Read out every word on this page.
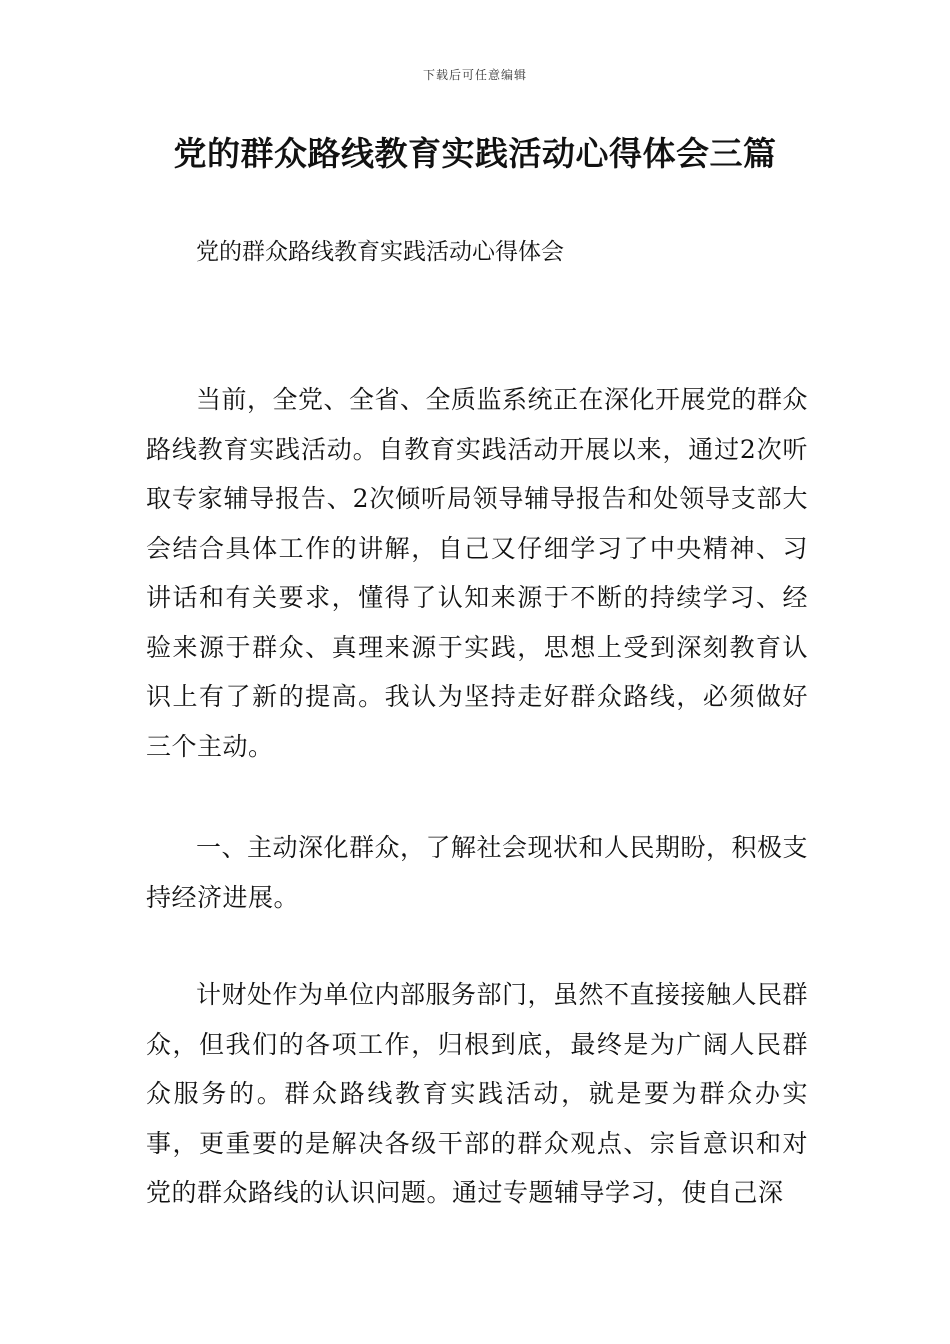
下载后可任意编辑
党的群众路线教育实践活动心得体会三篇
党的群众路线教育实践活动心得体会

当前，全党、全省、全质监系统正在深化开展党的群众路线教育实践活动。自教育实践活动开展以来，通过2次听取专家辅导报告、2次倾听局领导辅导报告和处领导支部大会结合具体工作的讲解，自己又仔细学习了中央精神、习讲话和有关要求，懂得了认知来源于不断的持续学习、经验来源于群众、真理来源于实践，思想上受到深刻教育认识上有了新的提高。我认为坚持走好群众路线，必须做好三个主动。

一、主动深化群众，了解社会现状和人民期盼，积极支持经济进展。

计财处作为单位内部服务部门，虽然不直接接触人民群众，但我们的各项工作，归根到底，最终是为广阔人民群众服务的。群众路线教育实践活动，就是要为群众办实事，更重要的是解决各级干部的群众观点、宗旨意识和对党的群众路线的认识问题。通过专题辅导学习，使自己深
